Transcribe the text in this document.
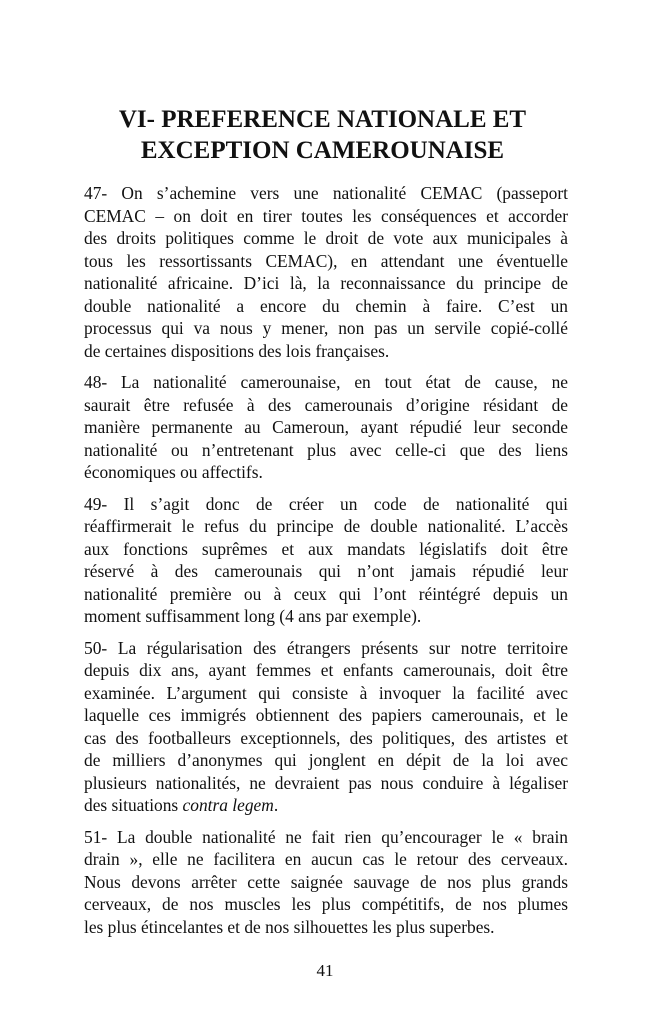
VI- PREFERENCE NATIONALE ET
EXCEPTION CAMEROUNAISE

47- On s’achemine vers une nationalité CEMAC (passeport
CEMAC – on doit en tirer toutes les conséquences et accorder
des droits politiques comme le droit de vote aux municipales à
tous les ressortissants CEMAC), en attendant une éventuelle
nationalité africaine. D’ici là, la reconnaissance du principe de
double nationalité a encore du chemin à faire. C’est un
processus qui va nous y mener, non pas un servile copié-collé
de certaines dispositions des lois françaises.

48- La nationalité camerounaise, en tout état de cause, ne
saurait être refusée à des camerounais d’origine résidant de
manière permanente au Cameroun, ayant répudié leur seconde
nationalité ou n’entretenant plus avec celle-ci que des liens
économiques ou affectifs.

49- Il s’agit donc de créer un code de nationalité qui
réaffirmerait le refus du principe de double nationalité. L’accès
aux fonctions suprêmes et aux mandats législatifs doit être
réservé à des camerounais qui n’ont jamais répudié leur
nationalité première ou à ceux qui l’ont réintégré depuis un
moment suffisamment long (4 ans par exemple).

50- La régularisation des étrangers présents sur notre territoire
depuis dix ans, ayant femmes et enfants camerounais, doit être
examinée. L’argument qui consiste à invoquer la facilité avec
laquelle ces immigrés obtiennent des papiers camerounais, et le
cas des footballeurs exceptionnels, des politiques, des artistes et
de milliers d’anonymes qui jonglent en dépit de la loi avec
plusieurs nationalités, ne devraient pas nous conduire à légaliser
des situations contra legem.

51- La double nationalité ne fait rien qu’encourager le « brain
drain », elle ne facilitera en aucun cas le retour des cerveaux.
Nous devons arrêter cette saignée sauvage de nos plus grands
cerveaux, de nos muscles les plus compétitifs, de nos plumes
les plus étincelantes et de nos silhouettes les plus superbes.

41
